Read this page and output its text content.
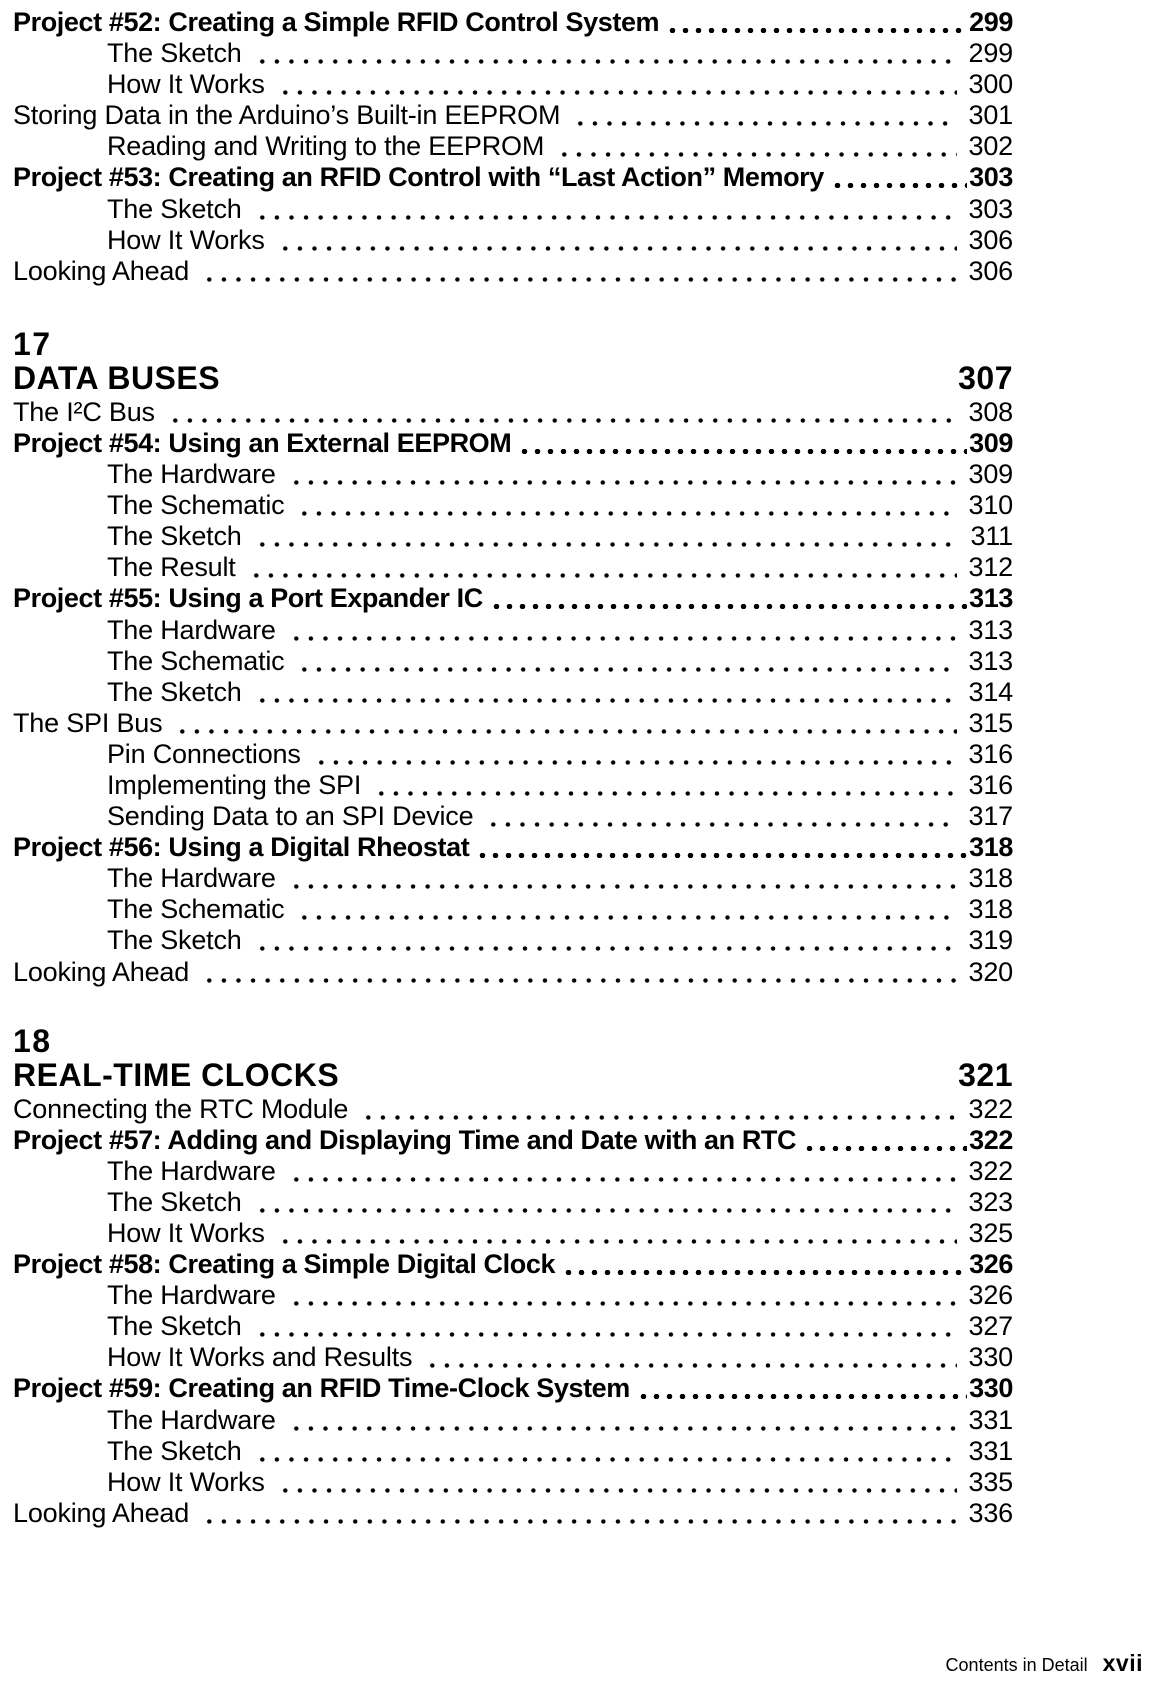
Project #52: Creating a Simple RFID Control System	299
The Sketch	299
How It Works	300
Storing Data in the Arduino’s Built-in EEPROM	301
Reading and Writing to the EEPROM	302
Project #53: Creating an RFID Control with “Last Action” Memory	303
The Sketch	303
How It Works	306
Looking Ahead	306
17
DATA BUSES	307
The I²C Bus	308
Project #54: Using an External EEPROM	309
The Hardware	309
The Schematic	310
The Sketch	311
The Result	312
Project #55: Using a Port Expander IC	313
The Hardware	313
The Schematic	313
The Sketch	314
The SPI Bus	315
Pin Connections	316
Implementing the SPI	316
Sending Data to an SPI Device	317
Project #56: Using a Digital Rheostat	318
The Hardware	318
The Schematic	318
The Sketch	319
Looking Ahead	320
18
REAL-TIME CLOCKS	321
Connecting the RTC Module	322
Project #57: Adding and Displaying Time and Date with an RTC	322
The Hardware	322
The Sketch	323
How It Works	325
Project #58: Creating a Simple Digital Clock	326
The Hardware	326
The Sketch	327
How It Works and Results	330
Project #59: Creating an RFID Time-Clock System	330
The Hardware	331
The Sketch	331
How It Works	335
Looking Ahead	336
Contents in Detail xvii
